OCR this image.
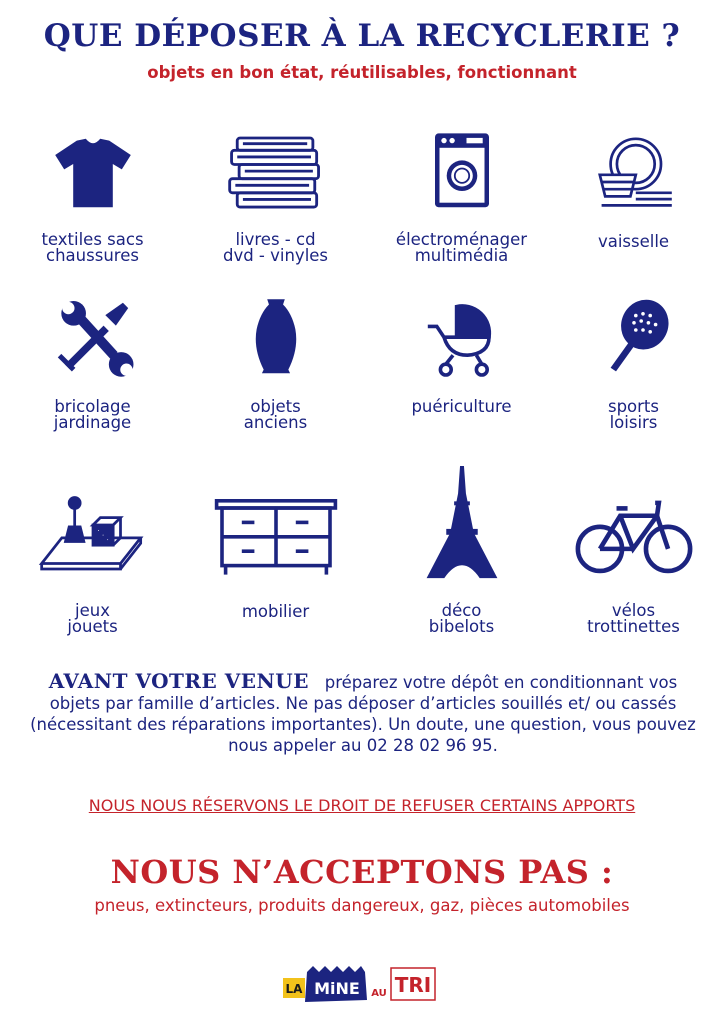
QUE DÉPOSER À LA RECYCLERIE ?
objets en bon état, réutilisables, fonctionnant
textiles sacs
chaussures
livres - cd
dvd - vinyles
électroménager
multimédia
vaisselle
bricolage
jardinage
objets
anciens
puériculture	sports
loisirs
jeux
jouets
mobilier	déco
bibelots
vélos
trottinettes
AVANT VOTRE VENUE préparez votre dépôt en conditionnant vos objets par famille d’articles. Ne pas déposer d’articles souillés et/ ou cassés (nécessitant des réparations importantes). Un doute, une question, vous pouvez nous appeler au 02 28 02 96 95.
NOUS NOUS RÉSERVONS LE DROIT DE REFUSER CERTAINS APPORTS
NOUS N’ACCEPTONS PAS :
pneus, extincteurs, produits dangereux, gaz, pièces automobiles
LA MiNE AU TRI
